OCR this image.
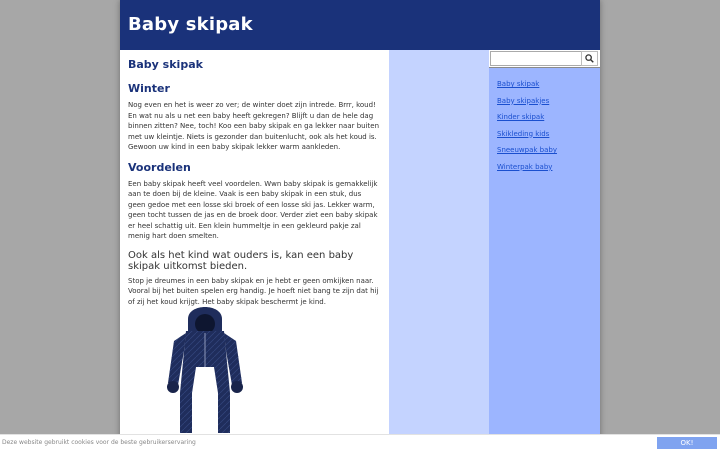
Baby skipak
Baby skipak
Winter

Nog even en het is weer zo ver; de winter doet zijn intrede. Brrr, koud! En wat nu als u net een baby heeft gekregen? Blijft u dan de hele dag binnen zitten? Nee, toch! Koo een baby skipak en ga lekker naar buiten met uw kleintje. Niets is gezonder dan buitenlucht, ook als het koud is. Gewoon uw kind in een baby skipak lekker warm aankleden.

Voordelen

Een baby skipak heeft veel voordelen. Wwn baby skipak is gemakkelijk aan te doen bij de kleine. Vaak is een baby skipak in een stuk, dus geen gedoe met een losse ski broek of een losse ski jas. Lekker warm, geen tocht tussen de jas en de broek door. Verder ziet een baby skipak er heel schattig uit. Een klein hummeltje in een gekleurd pakje zal menig hart doen smelten.

Ook als het kind wat ouders is, kan een baby skipak uitkomst bieden.

Stop je dreumes in een baby skipak en je hebt er geen omkijken naar. Vooral bij het buiten spelen erg handig. Je hoeft niet bang te zijn dat hij of zij het koud krijgt. Het baby skipak beschermt je kind.

Baby skipak
Baby skipakjes
Kinder skipak
Skikleding kids
Sneeuwpak baby
Winterpak baby
Deze website gebruikt cookies voor de beste gebruikerservaring	OK!
